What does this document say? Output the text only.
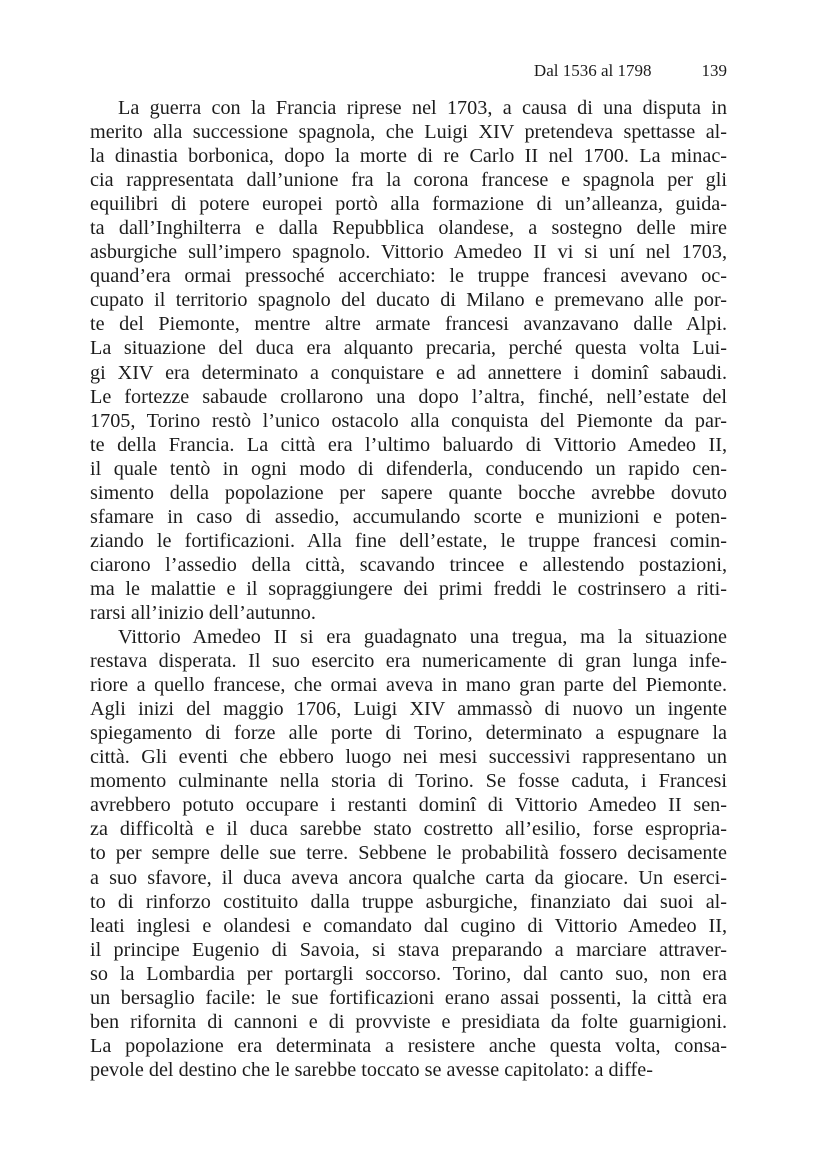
Dal 1536 al 1798	139
La guerra con la Francia riprese nel 1703, a causa di una disputa in
merito alla successione spagnola, che Luigi XIV pretendeva spettasse al-
la dinastia borbonica, dopo la morte di re Carlo II nel 1700. La minac-
cia rappresentata dall’unione fra la corona francese e spagnola per gli
equilibri di potere europei portò alla formazione di un’alleanza, guida-
ta dall’Inghilterra e dalla Repubblica olandese, a sostegno delle mire
asburgiche sull’impero spagnolo. Vittorio Amedeo II vi si uní nel 1703,
quand’era ormai pressoché accerchiato: le truppe francesi avevano oc-
cupato il territorio spagnolo del ducato di Milano e premevano alle por-
te del Piemonte, mentre altre armate francesi avanzavano dalle Alpi.
La situazione del duca era alquanto precaria, perché questa volta Lui-
gi XIV era determinato a conquistare e ad annettere i dominî sabaudi.
Le fortezze sabaude crollarono una dopo l’altra, finché, nell’estate del
1705, Torino restò l’unico ostacolo alla conquista del Piemonte da par-
te della Francia. La città era l’ultimo baluardo di Vittorio Amedeo II,
il quale tentò in ogni modo di difenderla, conducendo un rapido cen-
simento della popolazione per sapere quante bocche avrebbe dovuto
sfamare in caso di assedio, accumulando scorte e munizioni e poten-
ziando le fortificazioni. Alla fine dell’estate, le truppe francesi comin-
ciarono l’assedio della città, scavando trincee e allestendo postazioni,
ma le malattie e il sopraggiungere dei primi freddi le costrinsero a riti-
rarsi all’inizio dell’autunno.
Vittorio Amedeo II si era guadagnato una tregua, ma la situazione
restava disperata. Il suo esercito era numericamente di gran lunga infe-
riore a quello francese, che ormai aveva in mano gran parte del Piemonte.
Agli inizi del maggio 1706, Luigi XIV ammassò di nuovo un ingente
spiegamento di forze alle porte di Torino, determinato a espugnare la
città. Gli eventi che ebbero luogo nei mesi successivi rappresentano un
momento culminante nella storia di Torino. Se fosse caduta, i Francesi
avrebbero potuto occupare i restanti dominî di Vittorio Amedeo II sen-
za difficoltà e il duca sarebbe stato costretto all’esilio, forse espropria-
to per sempre delle sue terre. Sebbene le probabilità fossero decisamente
a suo sfavore, il duca aveva ancora qualche carta da giocare. Un eserci-
to di rinforzo costituito dalla truppe asburgiche, finanziato dai suoi al-
leati inglesi e olandesi e comandato dal cugino di Vittorio Amedeo II,
il principe Eugenio di Savoia, si stava preparando a marciare attraver-
so la Lombardia per portargli soccorso. Torino, dal canto suo, non era
un bersaglio facile: le sue fortificazioni erano assai possenti, la città era
ben rifornita di cannoni e di provviste e presidiata da folte guarnigioni.
La popolazione era determinata a resistere anche questa volta, consa-
pevole del destino che le sarebbe toccato se avesse capitolato: a diffe-
